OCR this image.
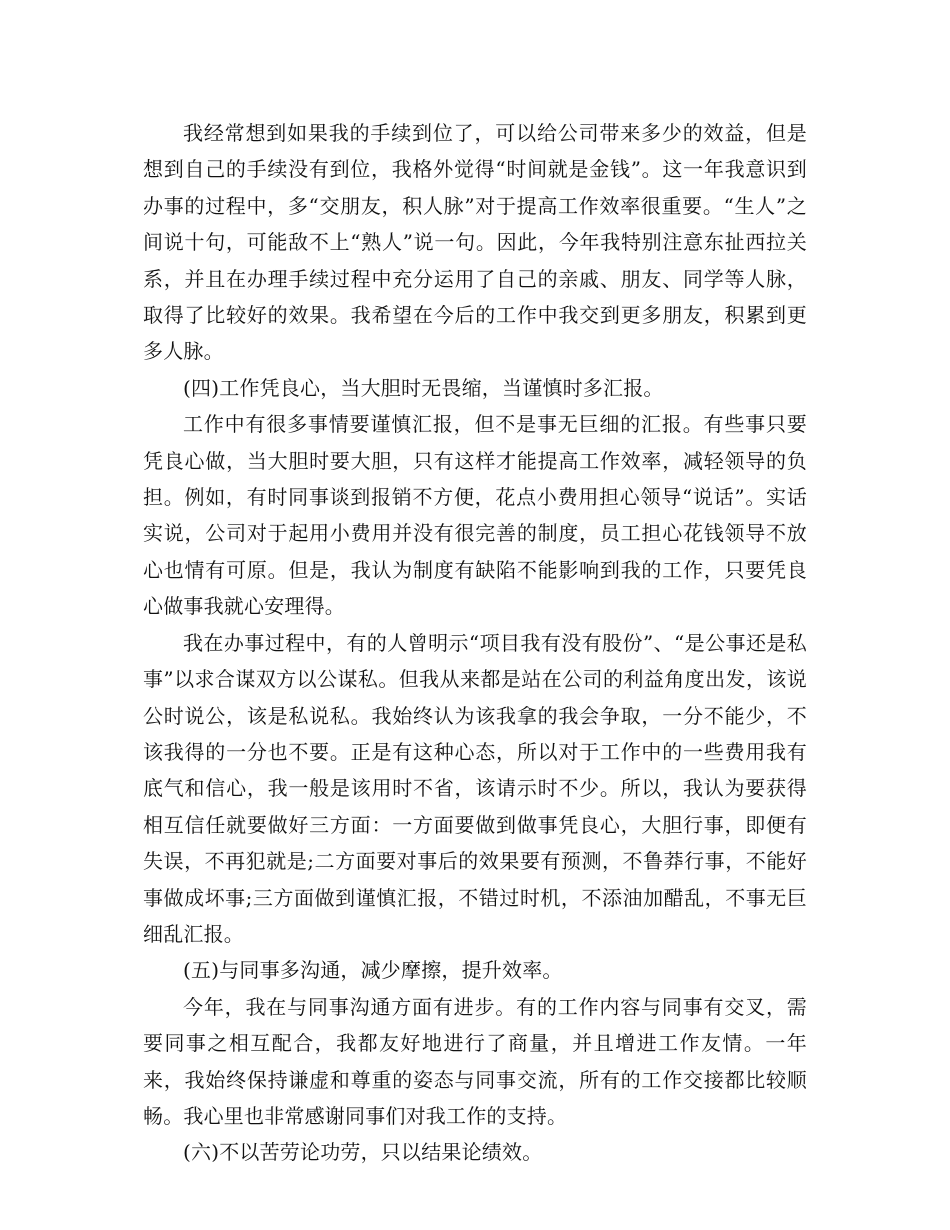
我经常想到如果我的手续到位了，可以给公司带来多少的效益，但是想到自己的手续没有到位，我格外觉得“时间就是金钱”。这一年我意识到办事的过程中，多“交朋友，积人脉”对于提高工作效率很重要。“生人”之间说十句，可能敌不上“熟人”说一句。因此，今年我特别注意东扯西拉关系，并且在办理手续过程中充分运用了自己的亲戚、朋友、同学等人脉，取得了比较好的效果。我希望在今后的工作中我交到更多朋友，积累到更多人脉。

(四)工作凭良心，当大胆时无畏缩，当谨慎时多汇报。

工作中有很多事情要谨慎汇报，但不是事无巨细的汇报。有些事只要凭良心做，当大胆时要大胆，只有这样才能提高工作效率，减轻领导的负担。例如，有时同事谈到报销不方便，花点小费用担心领导“说话”。实话实说，公司对于起用小费用并没有很完善的制度，员工担心花钱领导不放心也情有可原。但是，我认为制度有缺陷不能影响到我的工作，只要凭良心做事我就心安理得。

我在办事过程中，有的人曾明示“项目我有没有股份”、“是公事还是私事”以求合谋双方以公谋私。但我从来都是站在公司的利益角度出发，该说公时说公，该是私说私。我始终认为该我拿的我会争取，一分不能少，不该我得的一分也不要。正是有这种心态，所以对于工作中的一些费用我有底气和信心，我一般是该用时不省，该请示时不少。所以，我认为要获得相互信任就要做好三方面：一方面要做到做事凭良心，大胆行事，即便有失误，不再犯就是;二方面要对事后的效果要有预测，不鲁莽行事，不能好事做成坏事;三方面做到谨慎汇报，不错过时机，不添油加醋乱，不事无巨细乱汇报。

(五)与同事多沟通，减少摩擦，提升效率。

今年，我在与同事沟通方面有进步。有的工作内容与同事有交叉，需要同事之相互配合，我都友好地进行了商量，并且增进工作友情。一年来，我始终保持谦虚和尊重的姿态与同事交流，所有的工作交接都比较顺畅。我心里也非常感谢同事们对我工作的支持。

(六)不以苦劳论功劳，只以结果论绩效。
